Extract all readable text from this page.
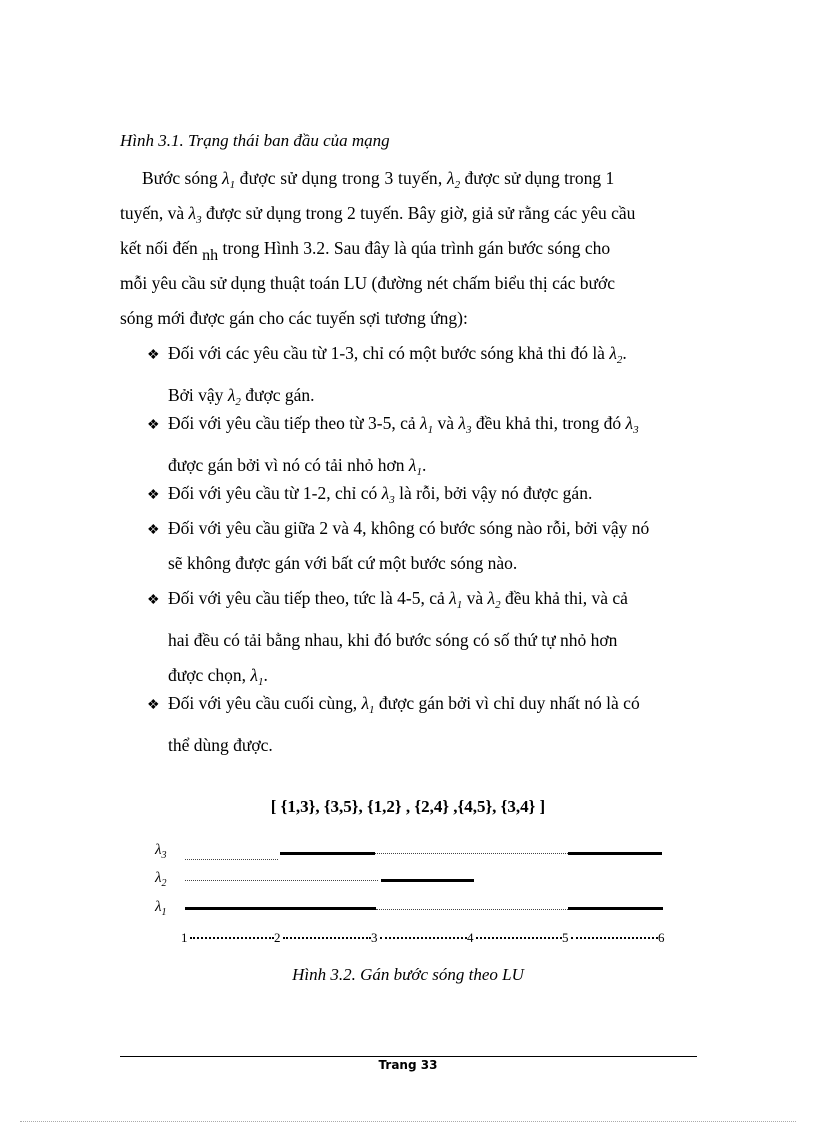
Hình 3.1. Trạng thái ban đầu của mạng
Bước sóng $\lambda_1$ được sử dụng trong 3 tuyến, $\lambda_2$ được sử dụng trong 1
tuyến, và $\lambda_3$ được sử dụng trong 2 tuyến. Bây giờ, giả sử rằng các yêu cầu
kết nối đến nh trong Hình 3.2. Sau đây là qúa trình gán bước sóng cho
mỗi yêu cầu sử dụng thuật toán LU (đường nét chấm biểu thị các bước
sóng mới được gán cho các tuyến sợi tương ứng):
❖ Đối với các yêu cầu từ 1-3, chỉ có một bước sóng khả thi đó là $\lambda_2$.
Bởi vậy $\lambda_2$ được gán.
❖ Đối với yêu cầu tiếp theo từ 3-5, cả $\lambda_1$ và $\lambda_3$ đều khả thi, trong đó $\lambda_3$
được gán bởi vì nó có tải nhỏ hơn $\lambda_1$.
❖ Đối với yêu cầu từ 1-2, chỉ có $\lambda_3$ là rỗi, bởi vậy nó được gán.
❖ Đối với yêu cầu giữa 2 và 4, không có bước sóng nào rỗi, bởi vậy nó
sẽ không được gán với bất cứ một bước sóng nào.
❖ Đối với yêu cầu tiếp theo, tức là 4-5, cả $\lambda_1$ và $\lambda_2$ đều khả thi, và cả
hai đều có tải bằng nhau, khi đó bước sóng có số thứ tự nhỏ hơn
được chọn, $\lambda_1$.
❖ Đối với yêu cầu cuối cùng, $\lambda_1$ được gán bởi vì chỉ duy nhất nó là có
thể dùng được.
[ {1,3}, {3,5}, {1,2} , {2,4} ,{4,5}, {3,4} ]
$\lambda_3$
$\lambda_2$
$\lambda_1$
1	2	3	4	5	6
Hình 3.2. Gán bước sóng theo LU
Trang 33
